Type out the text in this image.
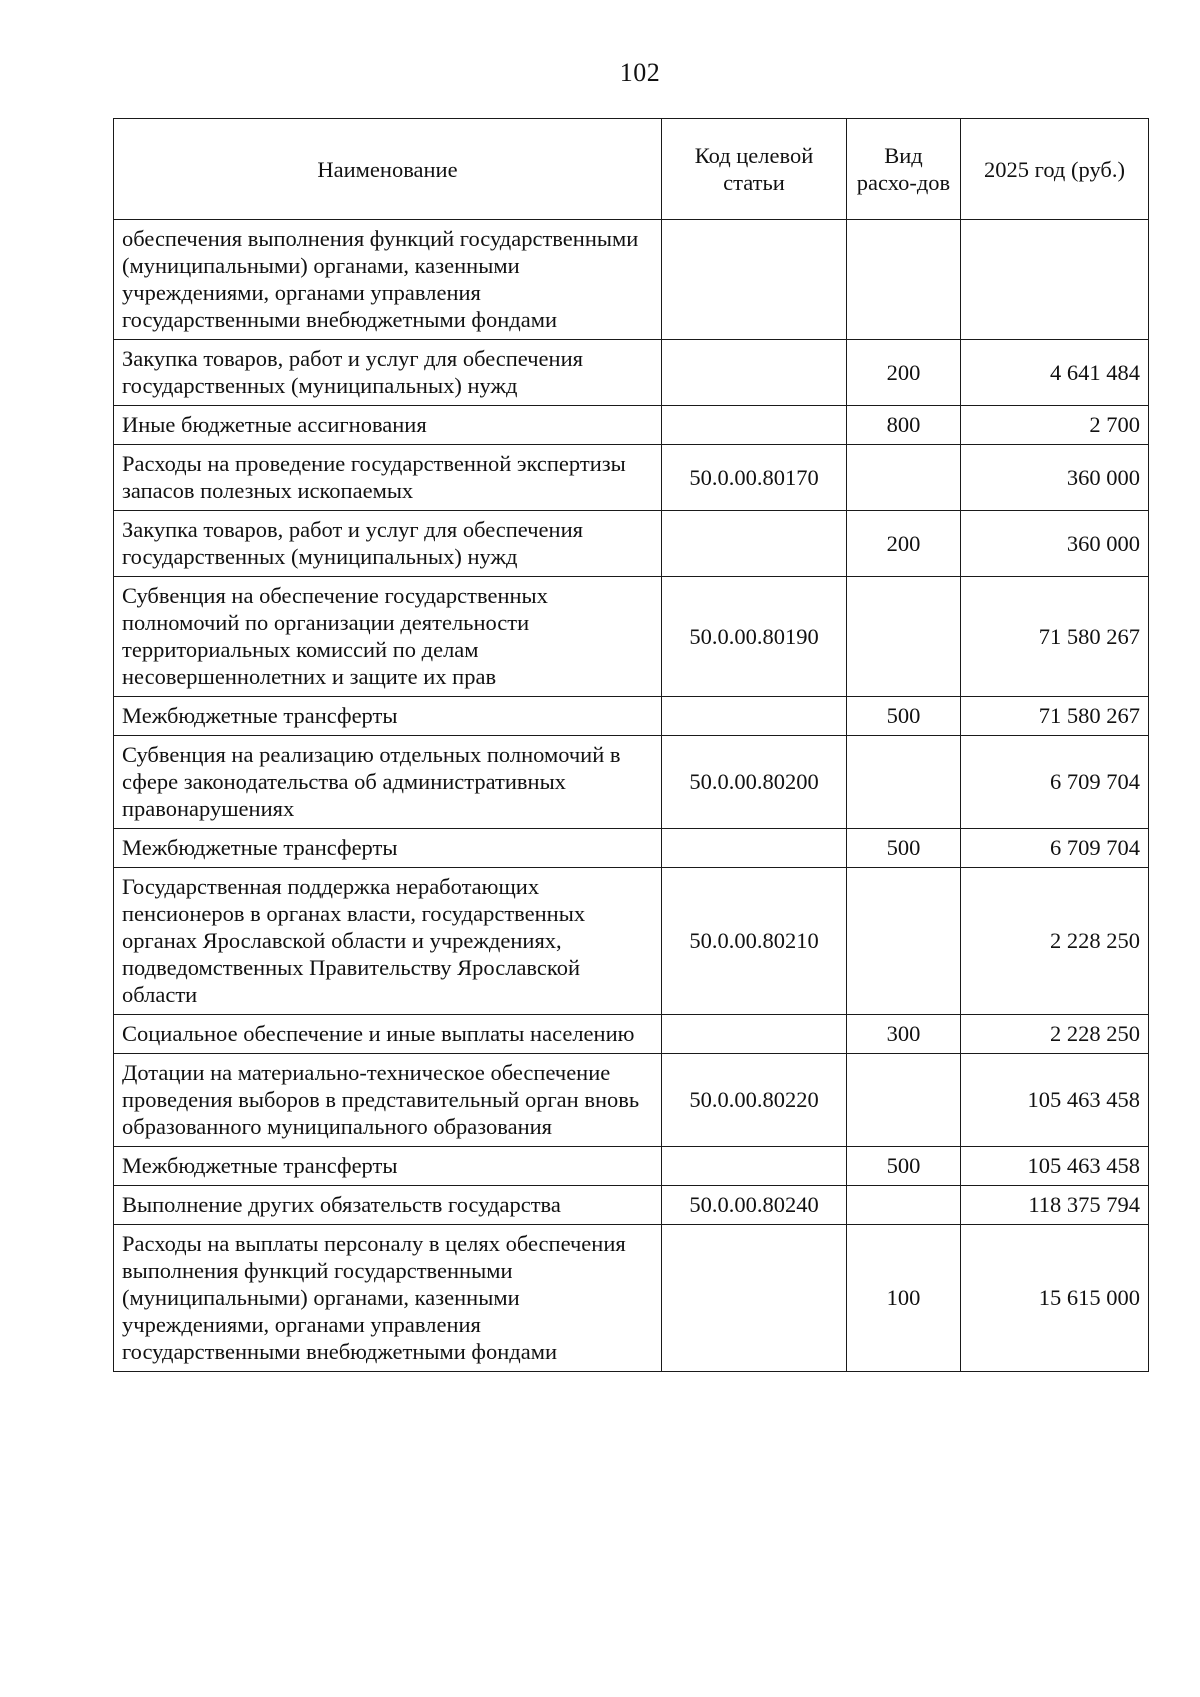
102
Наименование	Код целевой статьи	Вид расхо-дов	2025 год (руб.)
обеспечения выполнения функций государственными (муниципальными) органами, казенными учреждениями, органами управления государственными внебюджетными фондами			
Закупка товаров, работ и услуг для обеспечения государственных (муниципальных) нужд		200	4 641 484
Иные бюджетные ассигнования		800	2 700
Расходы на проведение государственной экспертизы запасов полезных ископаемых	50.0.00.80170		360 000
Закупка товаров, работ и услуг для обеспечения государственных (муниципальных) нужд		200	360 000
Субвенция на обеспечение государственных полномочий по организации деятельности территориальных комиссий по делам несовершеннолетних и защите их прав	50.0.00.80190		71 580 267
Межбюджетные трансферты		500	71 580 267
Субвенция на реализацию отдельных полномочий в сфере законодательства об административных правонарушениях	50.0.00.80200		6 709 704
Межбюджетные трансферты		500	6 709 704
Государственная поддержка неработающих пенсионеров в органах власти, государственных органах Ярославской области и учреждениях, подведомственных Правительству Ярославской области	50.0.00.80210		2 228 250
Социальное обеспечение и иные выплаты населению		300	2 228 250
Дотации на материально-техническое обеспечение проведения выборов в представительный орган вновь образованного муниципального образования	50.0.00.80220		105 463 458
Межбюджетные трансферты		500	105 463 458
Выполнение других обязательств государства	50.0.00.80240		118 375 794
Расходы на выплаты персоналу в целях обеспечения выполнения функций государственными (муниципальными) органами, казенными учреждениями, органами управления государственными внебюджетными фондами		100	15 615 000
